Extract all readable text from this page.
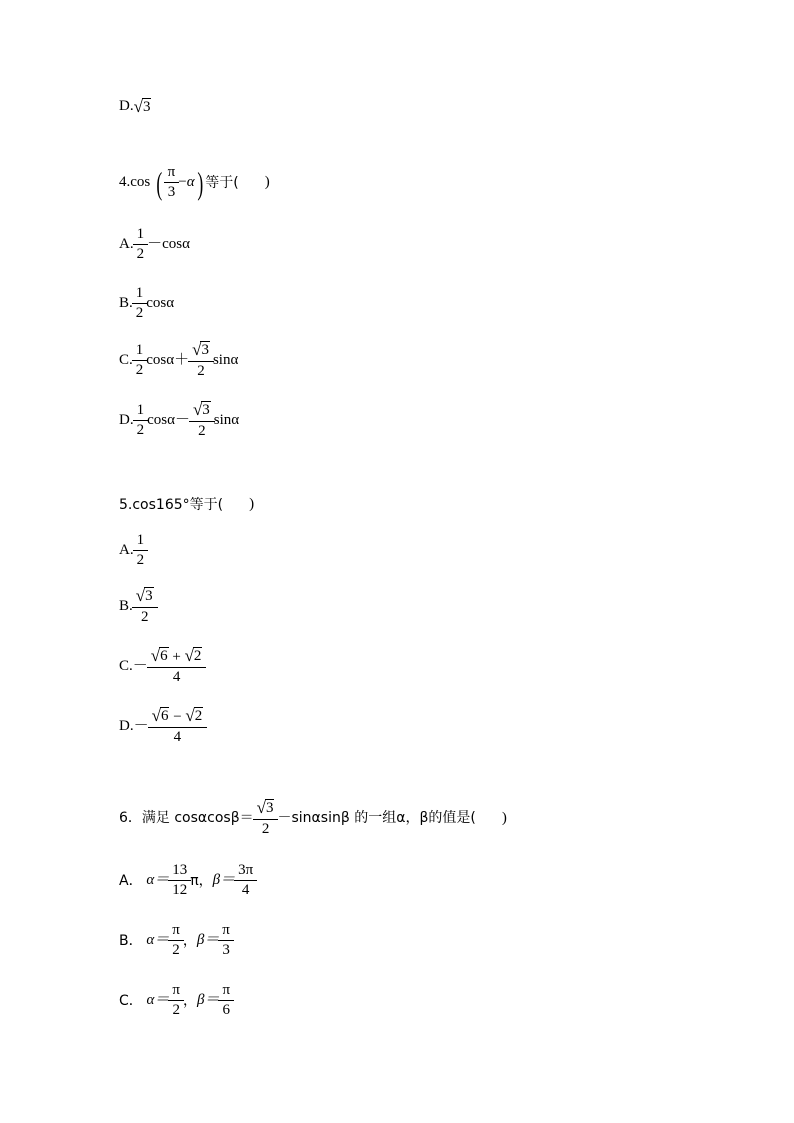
D. √ 3
4. cos
( $\frac{\pi}{3} - \alpha$ ) 等于( )
A. $\frac{1}{2} -\cos\alpha$
B. $\frac{1}{2}$ cosα
C. $\frac{1}{2} \cos\alpha+ \frac{√ 3}{2}$ sinα
D. $\frac{1}{2} \cos\alpha- \frac{√ 3}{2}$ sinα
5.cos165°等于( )
A. $\frac{1}{2}$
B. $\frac{√ 3}{2}$
$C.- \frac{√ 6 + √ 2}{4}$
$D.- \frac{√ 6 - √ 2}{4}$
6．满足 $\cos\alpha\cos\beta= \frac{√ 3}{2} -\sin\alpha\sin\beta$ 的一组α，β的值是( )
A．
$\alpha= \frac{13}{12}$ π， $\beta= \frac{3\pi}{4}$
B．
$\alpha= \frac{\pi}{2}$ ， $\beta= \frac{\pi}{3}$
C．
$\alpha= \frac{\pi}{2}$ ， $\beta= \frac{\pi}{6}$
